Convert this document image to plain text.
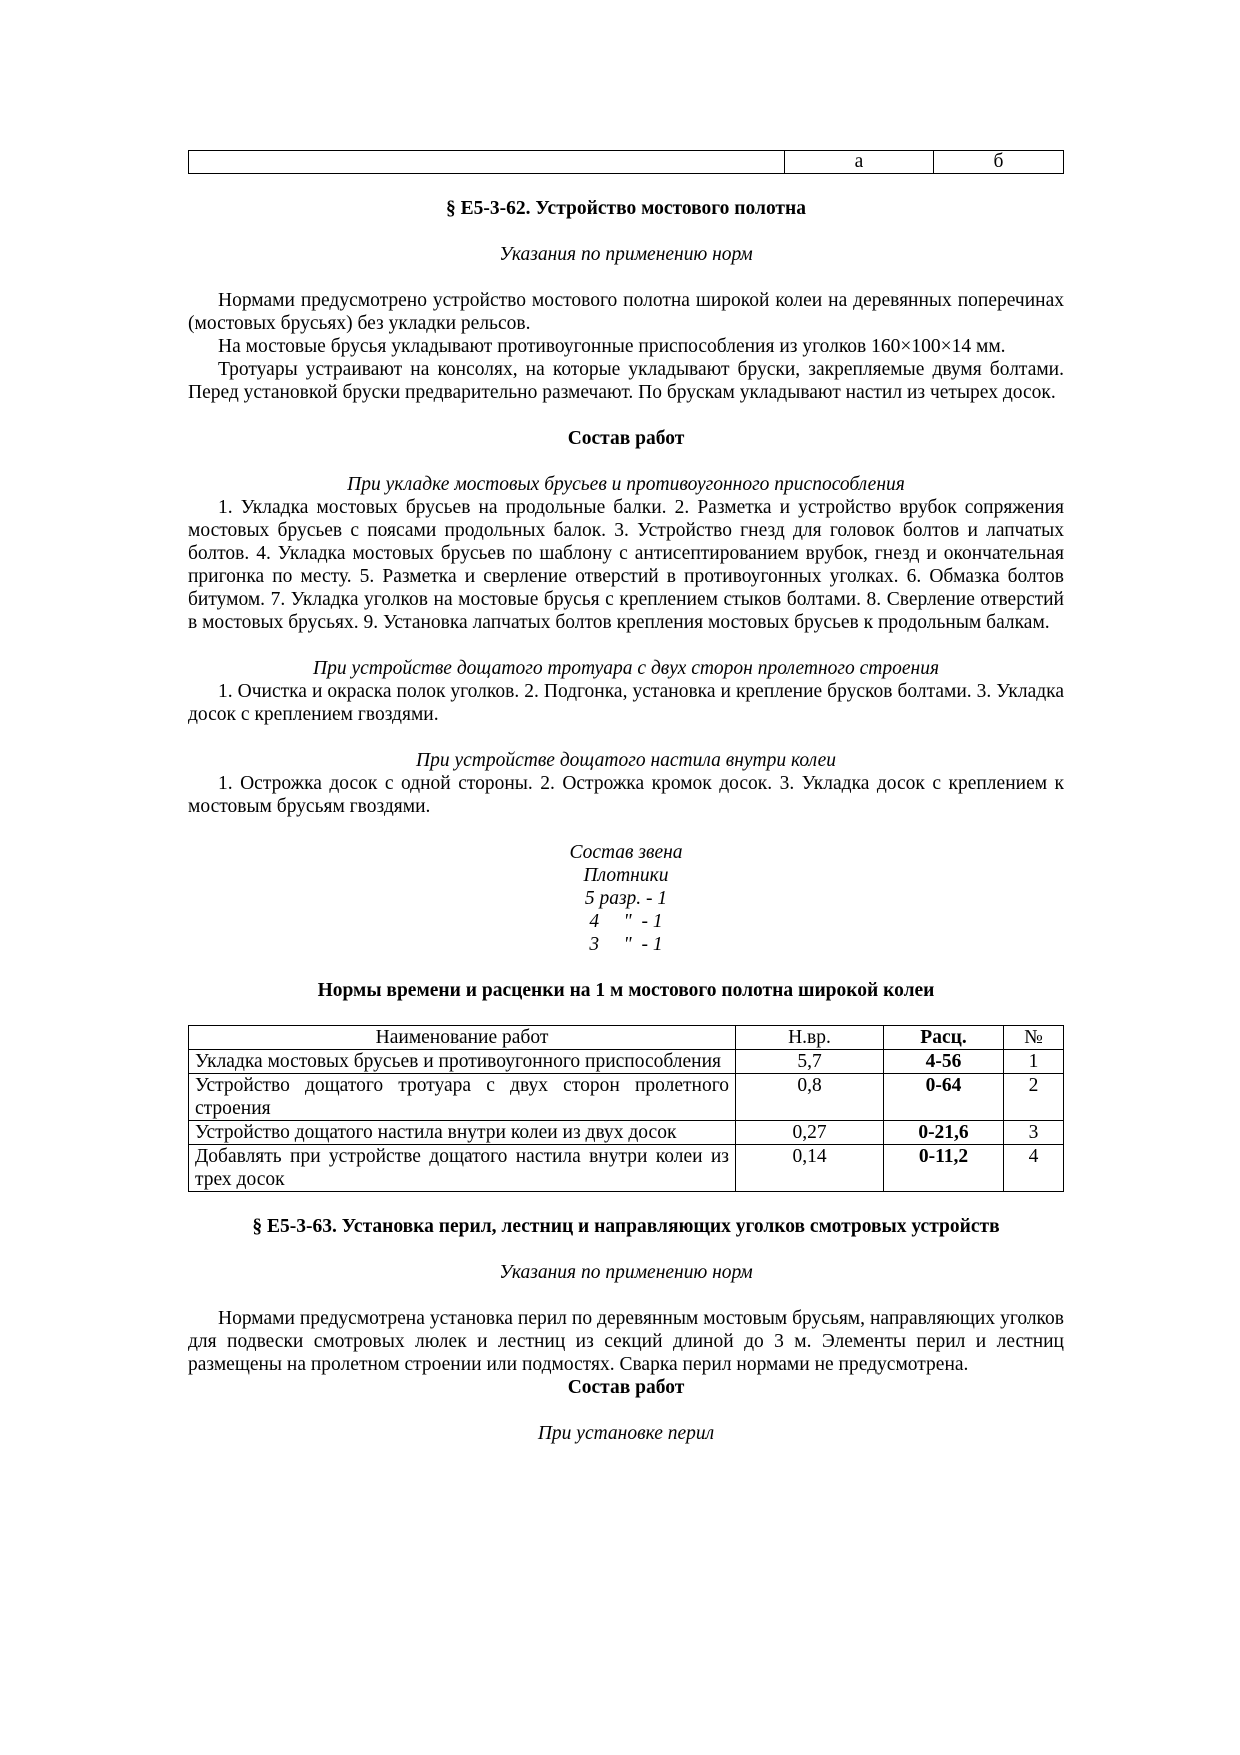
	а	б
§ Е5-3-62. Устройство мостового полотна
Указания по применению норм

Нормами предусмотрено устройство мостового полотна широкой колеи на деревянных поперечинах (мостовых брусьях) без укладки рельсов.

На мостовые брусья укладывают противоугонные приспособления из уголков 160×100×14 мм.

Тротуары устраивают на консолях, на которые укладывают бруски, закрепляемые двумя болтами. Перед установкой бруски предварительно размечают. По брускам укладывают настил из четырех досок.

Состав работ
При укладке мостовых брусьев и противоугонного приспособления

1. Укладка мостовых брусьев на продольные балки. 2. Разметка и устройство врубок сопряжения мостовых брусьев с поясами продольных балок. 3. Устройство гнезд для головок болтов и лапчатых болтов. 4. Укладка мостовых брусьев по шаблону с антисептированием врубок, гнезд и окончательная пригонка по месту. 5. Разметка и сверление отверстий в противоугонных уголках. 6. Обмазка болтов битумом. 7. Укладка уголков на мостовые брусья с креплением стыков болтами. 8. Сверление отверстий в мостовых брусьях. 9. Установка лапчатых болтов крепления мостовых брусьев к продольным балкам.

При устройстве дощатого тротуара с двух сторон пролетного строения

1. Очистка и окраска полок уголков. 2. Подгонка, установка и крепление брусков болтами. 3. Укладка досок с креплением гвоздями.

При устройстве дощатого настила внутри колеи

1. Острожка досок с одной стороны. 2. Острожка кромок досок. 3. Укладка досок с креплением к мостовым брусьям гвоздями.

Состав звена
Плотники
5 разр. - 1
4     "  - 1
3     "  - 1
Нормы времени и расценки на 1 м мостового полотна широкой колеи
Наименование работ	Н.вр.	Расц.	№
Укладка мостовых брусьев и противоугонного приспособления	5,7	4-56	1
Устройство дощатого тротуара с двух сторон пролетного строения	0,8	0-64	2
Устройство дощатого настила внутри колеи из двух досок	0,27	0-21,6	3
Добавлять при устройстве дощатого настила внутри колеи из трех досок	0,14	0-11,2	4
§ Е5-3-63. Установка перил, лестниц и направляющих уголков смотровых устройств
Указания по применению норм

Нормами предусмотрена установка перил по деревянным мостовым брусьям, направляющих уголков для подвески смотровых люлек и лестниц из секций длиной до 3 м. Элементы перил и лестниц размещены на пролетном строении или подмостях. Сварка перил нормами не предусмотрена.

Состав работ
При установке перил
